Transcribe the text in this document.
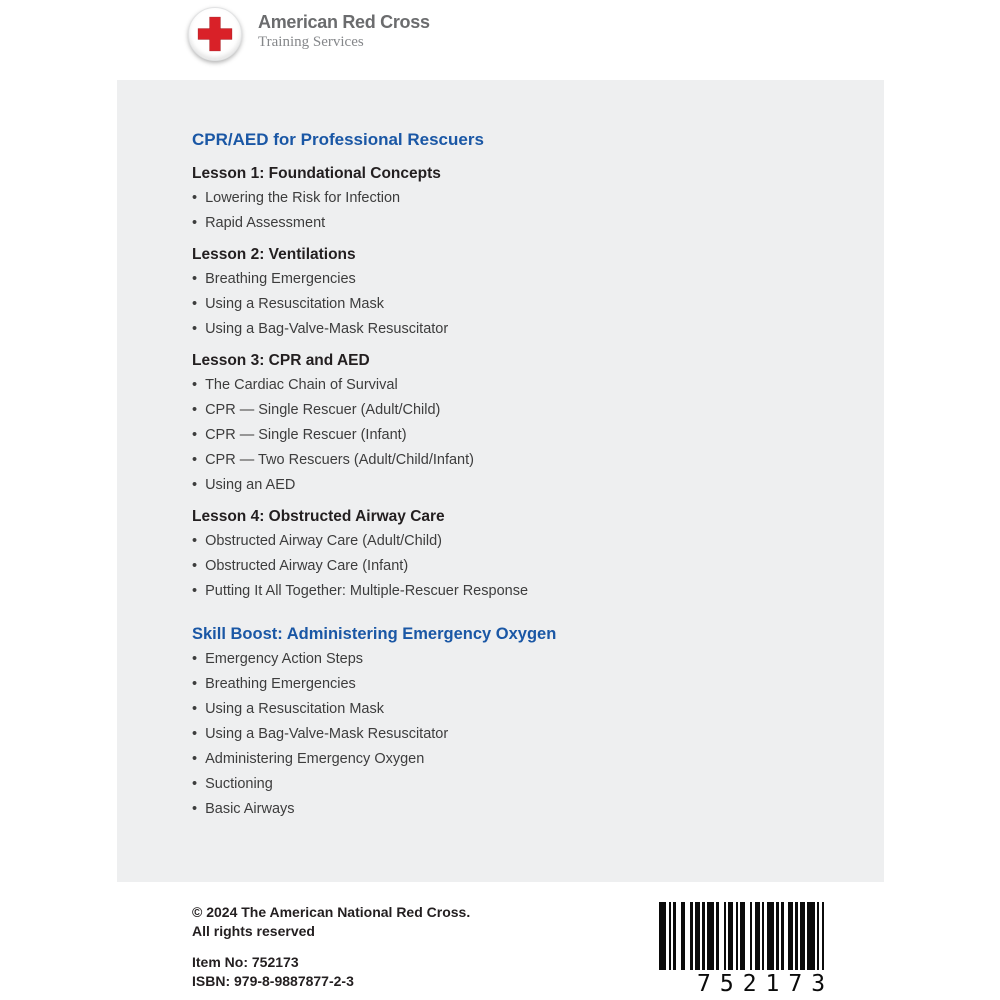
American Red Cross
Training Services
CPR/AED for Professional Rescuers
Lesson 1: Foundational Concepts
• Lowering the Risk for Infection
• Rapid Assessment
Lesson 2: Ventilations
• Breathing Emergencies
• Using a Resuscitation Mask
• Using a Bag-Valve-Mask Resuscitator
Lesson 3: CPR and AED
• The Cardiac Chain of Survival
• CPR — Single Rescuer (Adult/Child)
• CPR — Single Rescuer (Infant)
• CPR — Two Rescuers (Adult/Child/Infant)
• Using an AED
Lesson 4: Obstructed Airway Care
• Obstructed Airway Care (Adult/Child)
• Obstructed Airway Care (Infant)
• Putting It All Together: Multiple-Rescuer Response
Skill Boost: Administering Emergency Oxygen
• Emergency Action Steps
• Breathing Emergencies
• Using a Resuscitation Mask
• Using a Bag-Valve-Mask Resuscitator
• Administering Emergency Oxygen
• Suctioning
• Basic Airways
© 2024 The American National Red Cross.
All rights reserved
Item No: 752173
ISBN: 979-8-9887877-2-3	752173
